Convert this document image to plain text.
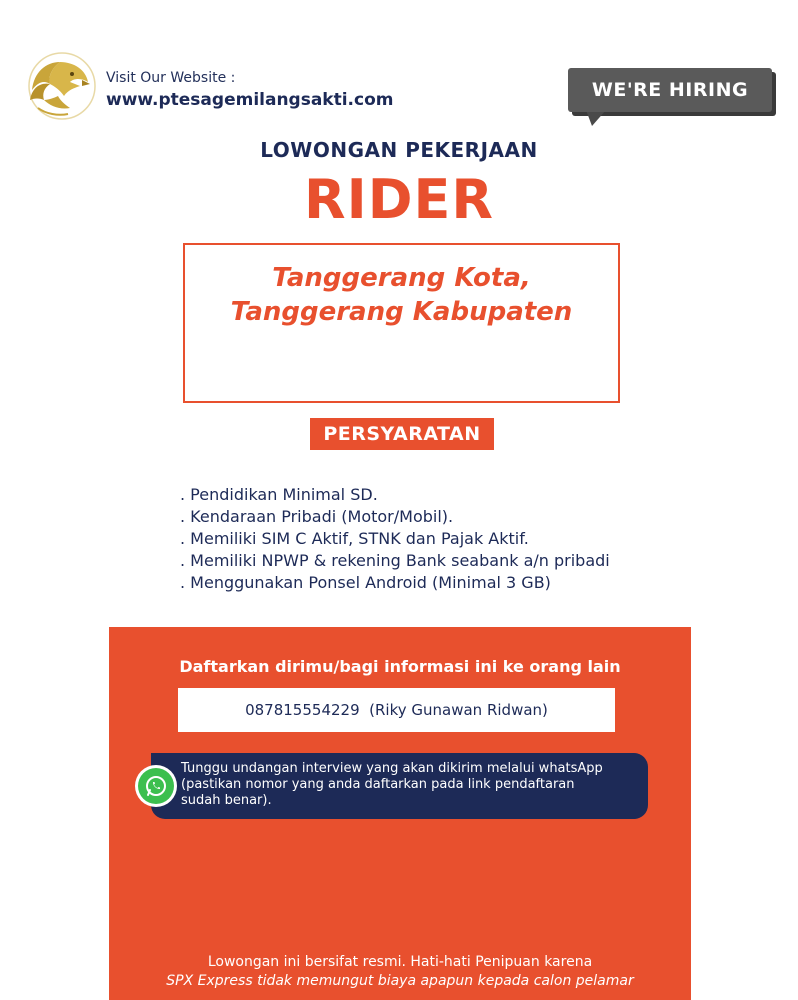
Visit Our Website :
www.ptesagemilangsakti.com	WE'RE HIRING
LOWONGAN PEKERJAAN
RIDER
Tanggerang Kota,
Tanggerang Kabupaten
PERSYARATAN
. Pendidikan Minimal SD.
. Kendaraan Pribadi (Motor/Mobil).
. Memiliki SIM C Aktif, STNK dan Pajak Aktif.
. Memiliki NPWP & rekening Bank seabank a/n pribadi
. Menggunakan Ponsel Android (Minimal 3 GB)
Daftarkan dirimu/bagi informasi ini ke orang lain
087815554229  (Riky Gunawan Ridwan)
Tunggu undangan interview yang akan dikirim melalui whatsApp
(pastikan nomor yang anda daftarkan pada link pendaftaran
sudah benar).
Lowongan ini bersifat resmi. Hati-hati Penipuan karena
SPX Express tidak memungut biaya apapun kepada calon pelamar
